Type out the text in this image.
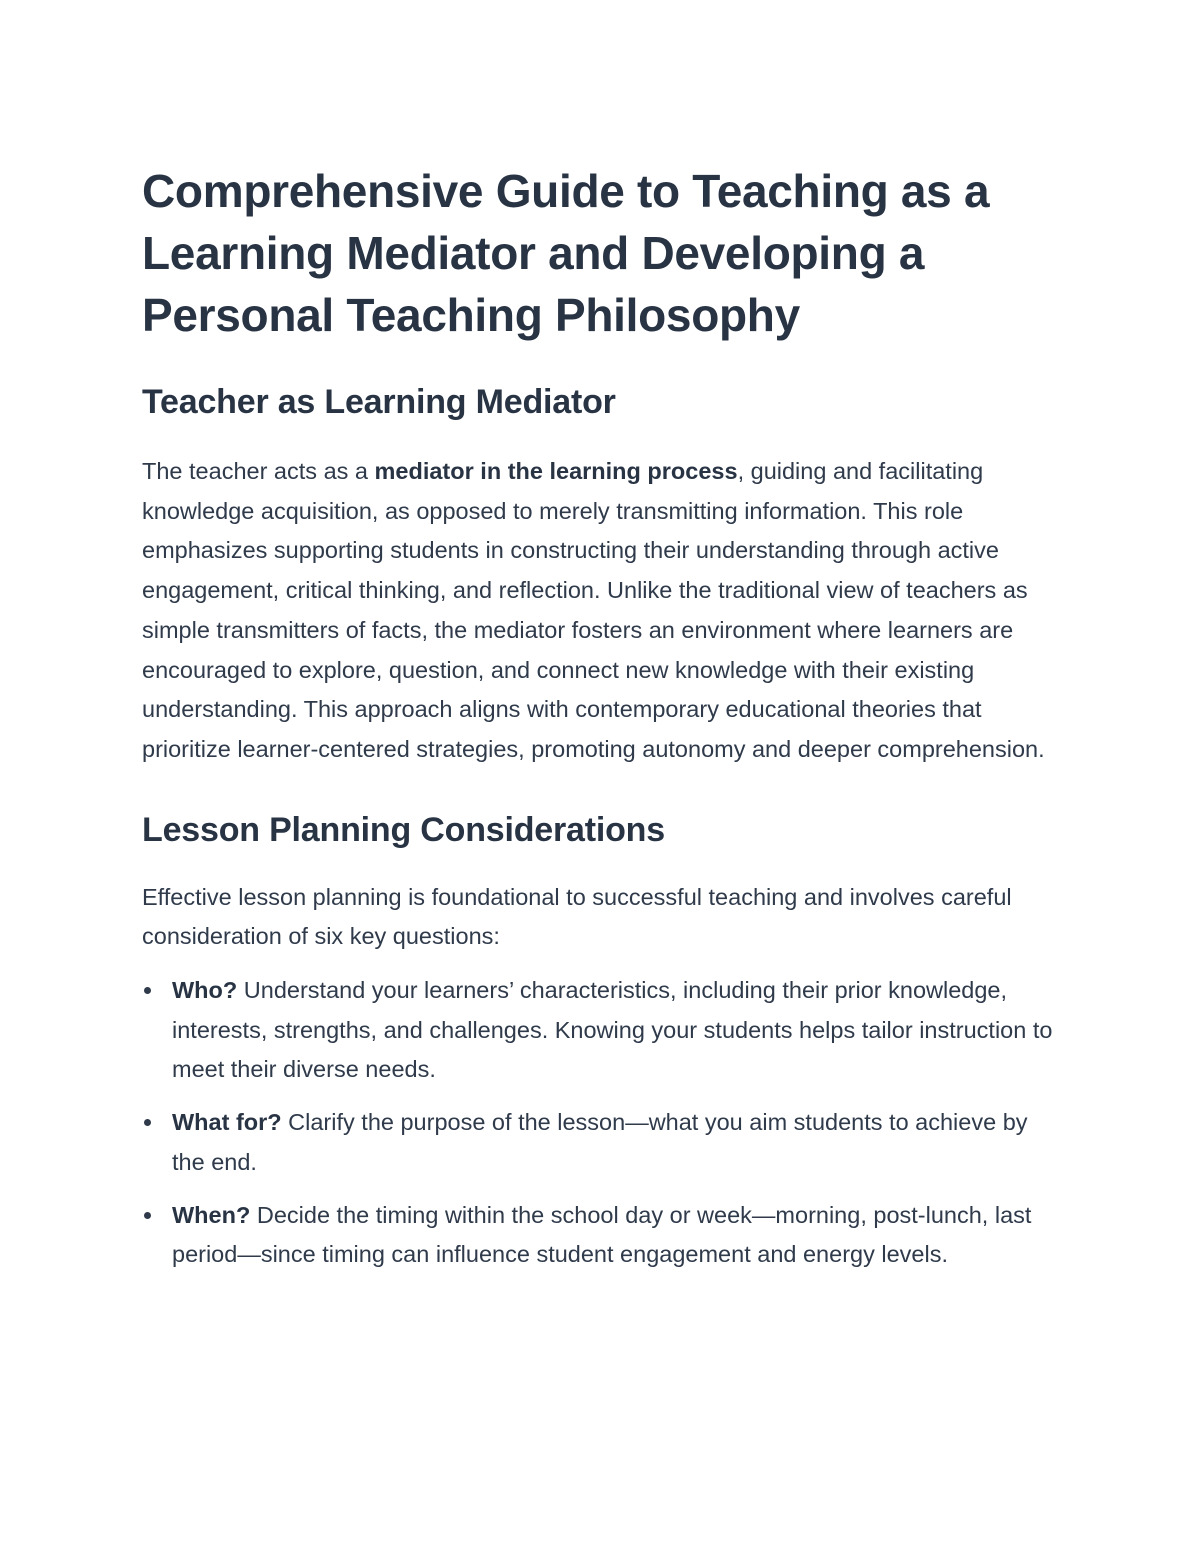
Comprehensive Guide to Teaching as a Learning Mediator and Developing a Personal Teaching Philosophy
Teacher as Learning Mediator

The teacher acts as a mediator in the learning process, guiding and facilitating knowledge acquisition, as opposed to merely transmitting information. This role emphasizes supporting students in constructing their understanding through active engagement, critical thinking, and reflection. Unlike the traditional view of teachers as simple transmitters of facts, the mediator fosters an environment where learners are encouraged to explore, question, and connect new knowledge with their existing understanding. This approach aligns with contemporary educational theories that prioritize learner-centered strategies, promoting autonomy and deeper comprehension.

Lesson Planning Considerations

Effective lesson planning is foundational to successful teaching and involves careful consideration of six key questions:

Who? Understand your learners’ characteristics, including their prior knowledge, interests, strengths, and challenges. Knowing your students helps tailor instruction to meet their diverse needs.
What for? Clarify the purpose of the lesson—what you aim students to achieve by the end.
When? Decide the timing within the school day or week—morning, post-lunch, last period—since timing can influence student engagement and energy levels.
